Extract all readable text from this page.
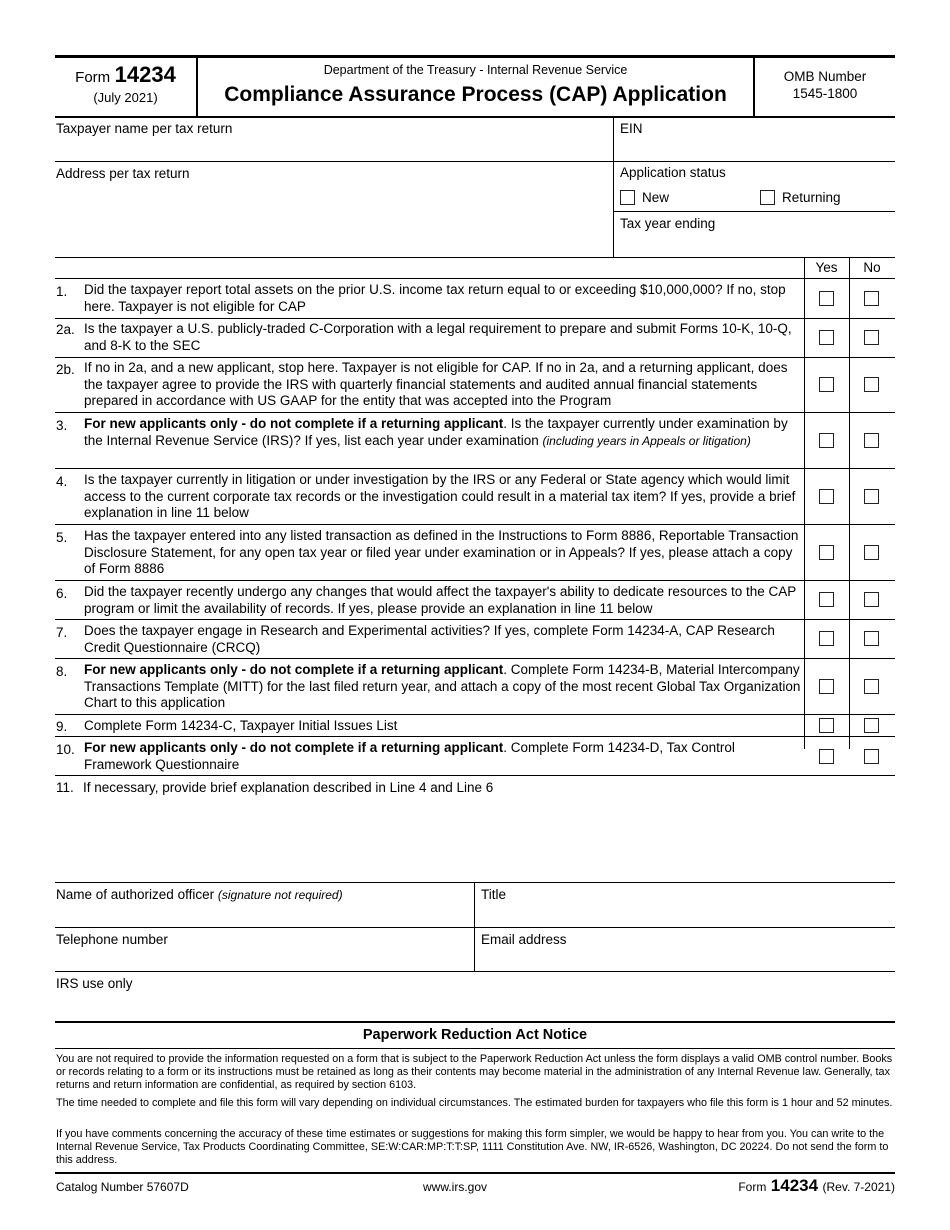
Form 14234
(July 2021)
Department of the Treasury - Internal Revenue Service
Compliance Assurance Process (CAP) Application
OMB Number
1545-1800
Taxpayer name per tax return	EIN
Address per tax return	Application status
New	Returning
Tax year ending
Yes	No
1. Did the taxpayer report total assets on the prior U.S. income tax return equal to or exceeding $10,000,000? If no, stop here. Taxpayer is not eligible for CAP
2a. Is the taxpayer a U.S. publicly-traded C-Corporation with a legal requirement to prepare and submit Forms 10-K, 10-Q, and 8-K to the SEC
2b. If no in 2a, and a new applicant, stop here. Taxpayer is not eligible for CAP. If no in 2a, and a returning applicant, does the taxpayer agree to provide the IRS with quarterly financial statements and audited annual financial statements prepared in accordance with US GAAP for the entity that was accepted into the Program
3. For new applicants only - do not complete if a returning applicant. Is the taxpayer currently under examination by the Internal Revenue Service (IRS)? If yes, list each year under examination (including years in Appeals or litigation)
4. Is the taxpayer currently in litigation or under investigation by the IRS or any Federal or State agency which would limit access to the current corporate tax records or the investigation could result in a material tax item? If yes, provide a brief explanation in line 11 below
5. Has the taxpayer entered into any listed transaction as defined in the Instructions to Form 8886, Reportable Transaction Disclosure Statement, for any open tax year or filed year under examination or in Appeals? If yes, please attach a copy of Form 8886
6. Did the taxpayer recently undergo any changes that would affect the taxpayer's ability to dedicate resources to the CAP program or limit the availability of records. If yes, please provide an explanation in line 11 below
7. Does the taxpayer engage in Research and Experimental activities? If yes, complete Form 14234-A, CAP Research Credit Questionnaire (CRCQ)
8. For new applicants only - do not complete if a returning applicant. Complete Form 14234-B, Material Intercompany Transactions Template (MITT) for the last filed return year, and attach a copy of the most recent Global Tax Organization Chart to this application
9. Complete Form 14234-C, Taxpayer Initial Issues List
10. For new applicants only - do not complete if a returning applicant. Complete Form 14234-D, Tax Control Framework Questionnaire
11. If necessary, provide brief explanation described in Line 4 and Line 6
Name of authorized officer (signature not required)	Title
Telephone number	Email address
IRS use only
Paperwork Reduction Act Notice
You are not required to provide the information requested on a form that is subject to the Paperwork Reduction Act unless the form displays a valid OMB control number. Books or records relating to a form or its instructions must be retained as long as their contents may become material in the administration of any Internal Revenue law. Generally, tax returns and return information are confidential, as required by section 6103.
The time needed to complete and file this form will vary depending on individual circumstances. The estimated burden for taxpayers who file this form is 1 hour and 52 minutes.
If you have comments concerning the accuracy of these time estimates or suggestions for making this form simpler, we would be happy to hear from you. You can write to the Internal Revenue Service, Tax Products Coordinating Committee, SE:W:CAR:MP:T:T:SP, 1111 Constitution Ave. NW, IR-6526, Washington, DC 20224. Do not send the form to this address.
Catalog Number 57607D	www.irs.gov	Form 14234 (Rev. 7-2021)
